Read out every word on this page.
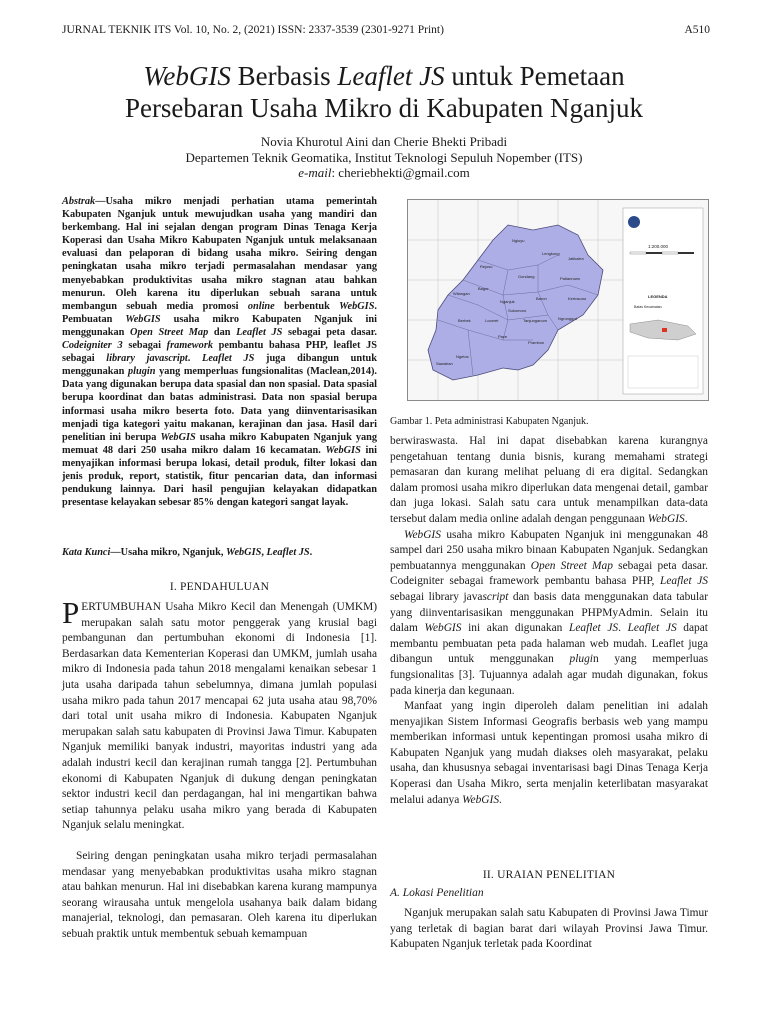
JURNAL TEKNIK ITS Vol. 10, No. 2, (2021) ISSN: 2337-3539 (2301-9271 Print)	A510
WebGIS Berbasis Leaflet JS untuk Pemetaan
Persebaran Usaha Mikro di Kabupaten Nganjuk
Novia Khurotul Aini dan Cherie Bhekti Pribadi
Departemen Teknik Geomatika, Institut Teknologi Sepuluh Nopember (ITS)
e-mail: cheriebhekti@gmail.com

Abstrak—Usaha mikro menjadi perhatian utama pemerintah Kabupaten Nganjuk untuk mewujudkan usaha yang mandiri dan berkembang. Hal ini sejalan dengan program Dinas Tenaga Kerja Koperasi dan Usaha Mikro Kabupaten Nganjuk untuk melaksanaan evaluasi dan pelaporan di bidang usaha mikro. Seiring dengan peningkatan usaha mikro terjadi permasalahan mendasar yang menyebabkan produktivitas usaha mikro stagnan atau bahkan menurun. Oleh karena itu diperlukan sebuah sarana untuk membangun sebuah media promosi online berbentuk WebGIS. Pembuatan WebGIS usaha mikro Kabupaten Nganjuk ini menggunakan Open Street Map dan Leaflet JS sebagai peta dasar. Codeigniter 3 sebagai framework pembantu bahasa PHP, leaflet JS sebagai library javascript. Leaflet JS juga dibangun untuk menggunakan plugin yang memperluas fungsionalitas (Maclean,2014). Data yang digunakan berupa data spasial dan non spasial. Data spasial berupa koordinat dan batas administrasi. Data non spasial berupa informasi usaha mikro beserta foto. Data yang diinventarisasikan menjadi tiga kategori yaitu makanan, kerajinan dan jasa. Hasil dari penelitian ini berupa WebGIS usaha mikro Kabupaten Nganjuk yang memuat 48 dari 250 usaha mikro dalam 16 kecamatan. WebGIS ini menyajikan informasi berupa lokasi, detail produk, filter lokasi dan jenis produk, report, statistik, fitur pencarian data, dan informasi pendukung lainnya. Dari hasil pengujian kelayakan didapatkan presentase kelayakan sebesar 85% dengan kategori sangat layak.

Kata Kunci—Usaha mikro, Nganjuk, WebGIS, Leaflet JS.
I. PENDAHULUAN

PERTUMBUHAN Usaha Mikro Kecil dan Menengah (UMKM) merupakan salah satu motor penggerak yang krusial bagi pembangunan dan pertumbuhan ekonomi di Indonesia [1]. Berdasarkan data Kementerian Koperasi dan UMKM, jumlah usaha mikro di Indonesia pada tahun 2018 mengalami kenaikan sebesar 1 juta usaha daripada tahun sebelumnya, dimana jumlah populasi usaha mikro pada tahun 2017 mencapai 62 juta usaha atau 98,70% dari total unit usaha mikro di Indonesia. Kabupaten Nganjuk merupakan salah satu kabupaten di Provinsi Jawa Timur. Kabupaten Nganjuk memiliki banyak industri, mayoritas industri yang ada adalah industri kecil dan kerajinan rumah tangga [2]. Pertumbuhan ekonomi di Kabupaten Nganjuk di dukung dengan peningkatan sektor industri kecil dan perdagangan, hal ini mengartikan bahwa setiap tahunnya pelaku usaha mikro yang berada di Kabupaten Nganjuk selalu meningkat.

Seiring dengan peningkatan usaha mikro terjadi permasalahan mendasar yang menyebabkan produktivitas usaha mikro stagnan atau bahkan menurun. Hal ini disebabkan karena kurang mampunya seorang wirausaha untuk mengelola usahanya baik dalam bidang manajerial, teknologi, dan pemasaran. Oleh karena itu diperlukan sebuah praktik untuk membentuk sebuah kemampuan

Ngluyu
Lengkong
Rejoso
Jatikalen
Gondang	Patianrowo
Wilangan
Bagor
Nganjuk
Baron	Kertosono
Sukomoro
Loceret	Tanjunganom	Ngronggot
Berbek
Pace
Prambon
Ngetos
Sawahan
1:200.000
LEGENDA
Batas Kecamatan
Gambar 1. Peta administrasi Kabupaten Nganjuk.

berwiraswasta. Hal ini dapat disebabkan karena kurangnya pengetahuan tentang dunia bisnis, kurang memahami strategi pemasaran dan kurang melihat peluang di era digital. Sedangkan dalam promosi usaha mikro diperlukan data mengenai detail, gambar dan juga lokasi. Salah satu cara untuk menampilkan data-data tersebut dalam media online adalah dengan penggunaan WebGIS.

WebGIS usaha mikro Kabupaten Nganjuk ini menggunakan 48 sampel dari 250 usaha mikro binaan Kabupaten Nganjuk. Sedangkan pembuatannya menggunakan Open Street Map sebagai peta dasar. Codeigniter sebagai framework pembantu bahasa PHP, Leaflet JS sebagai library javascript dan basis data menggunakan data tabular yang diinventarisasikan menggunakan PHPMyAdmin. Selain itu dalam WebGIS ini akan digunakan Leaflet JS. Leaflet JS dapat membantu pembuatan peta pada halaman web mudah. Leaflet juga dibangun untuk menggunakan plugin yang memperluas fungsionalitas [3]. Tujuannya adalah agar mudah digunakan, fokus pada kinerja dan kegunaan.

Manfaat yang ingin diperoleh dalam penelitian ini adalah menyajikan Sistem Informasi Geografis berbasis web yang mampu memberikan informasi untuk kepentingan promosi usaha mikro di Kabupaten Nganjuk yang mudah diakses oleh masyarakat, pelaku usaha, dan khususnya sebagai inventarisasi bagi Dinas Tenaga Kerja Koperasi dan Usaha Mikro, serta menjalin keterlibatan masyarakat melalui adanya WebGIS.

II. URAIAN PENELITIAN
A. Lokasi Penelitian

Nganjuk merupakan salah satu Kabupaten di Provinsi Jawa Timur yang terletak di bagian barat dari wilayah Provinsi Jawa Timur. Kabupaten Nganjuk terletak pada Koordinat
